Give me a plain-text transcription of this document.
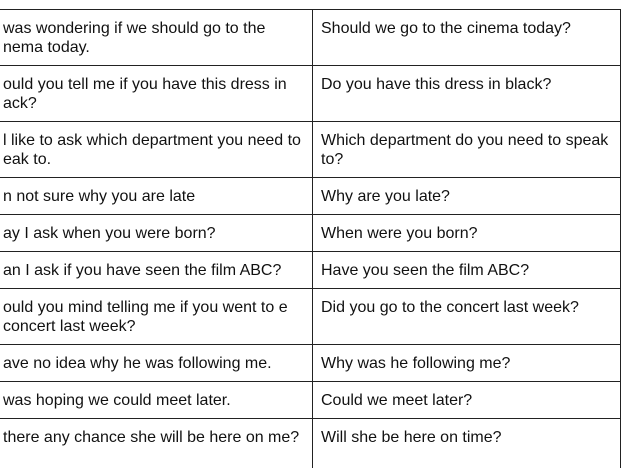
was wondering if we should go to the nema today.	Should we go to the cinema today?
ould you tell me if you have this dress in ack?	Do you have this dress in black?
l like to ask which department you need to eak to.	Which department do you need to speak to?
n not sure why you are late	Why are you late?
ay I ask when you were born?	When were you born?
an I ask if you have seen the film ABC?	Have you seen the film ABC?
ould you mind telling me if you went to e concert last week?	Did you go to the concert last week?
ave no idea why he was following me.	Why was he following me?
was hoping we could meet later.	Could we meet later?
there any chance she will be here on me?	Will she be here on time?
